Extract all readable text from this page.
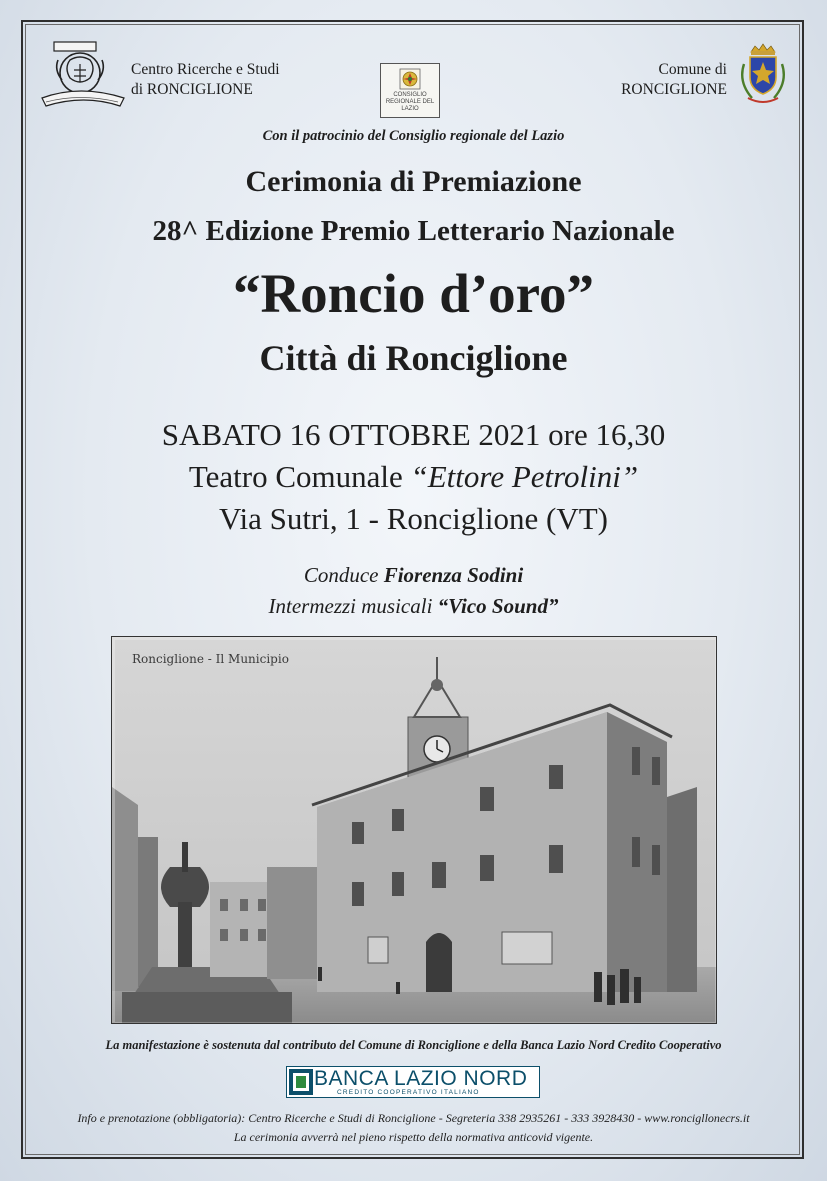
Centro Ricerche e Studi
di RONCIGLIONE	CONSIGLIO REGIONALE DEL LAZIO
Comune di
RONCIGLIONE
Con il patrocinio del Consiglio regionale del Lazio
Cerimonia di Premiazione
28^ Edizione Premio Letterario Nazionale
“Roncio d’oro”
Città di Ronciglione
SABATO 16 OTTOBRE 2021 ore 16,30
Teatro Comunale “Ettore Petrolini”
Via Sutri, 1 - Ronciglione (VT)
Conduce Fiorenza Sodini
Intermezzi musicali “Vico Sound”
Ronciglione - Il Municipio
La manifestazione è sostenuta dal contributo del Comune di Ronciglione e della Banca Lazio Nord Credito Cooperativo
BANCA LAZIO NORD
CREDITO COOPERATIVO ITALIANO
Info e prenotazione (obbligatoria): Centro Ricerche e Studi di Ronciglione - Segreteria 338 2935261 - 333 3928430 - www.roncigllonecrs.it
La cerimonia avverrà nel pieno rispetto della normativa anticovid vigente.
